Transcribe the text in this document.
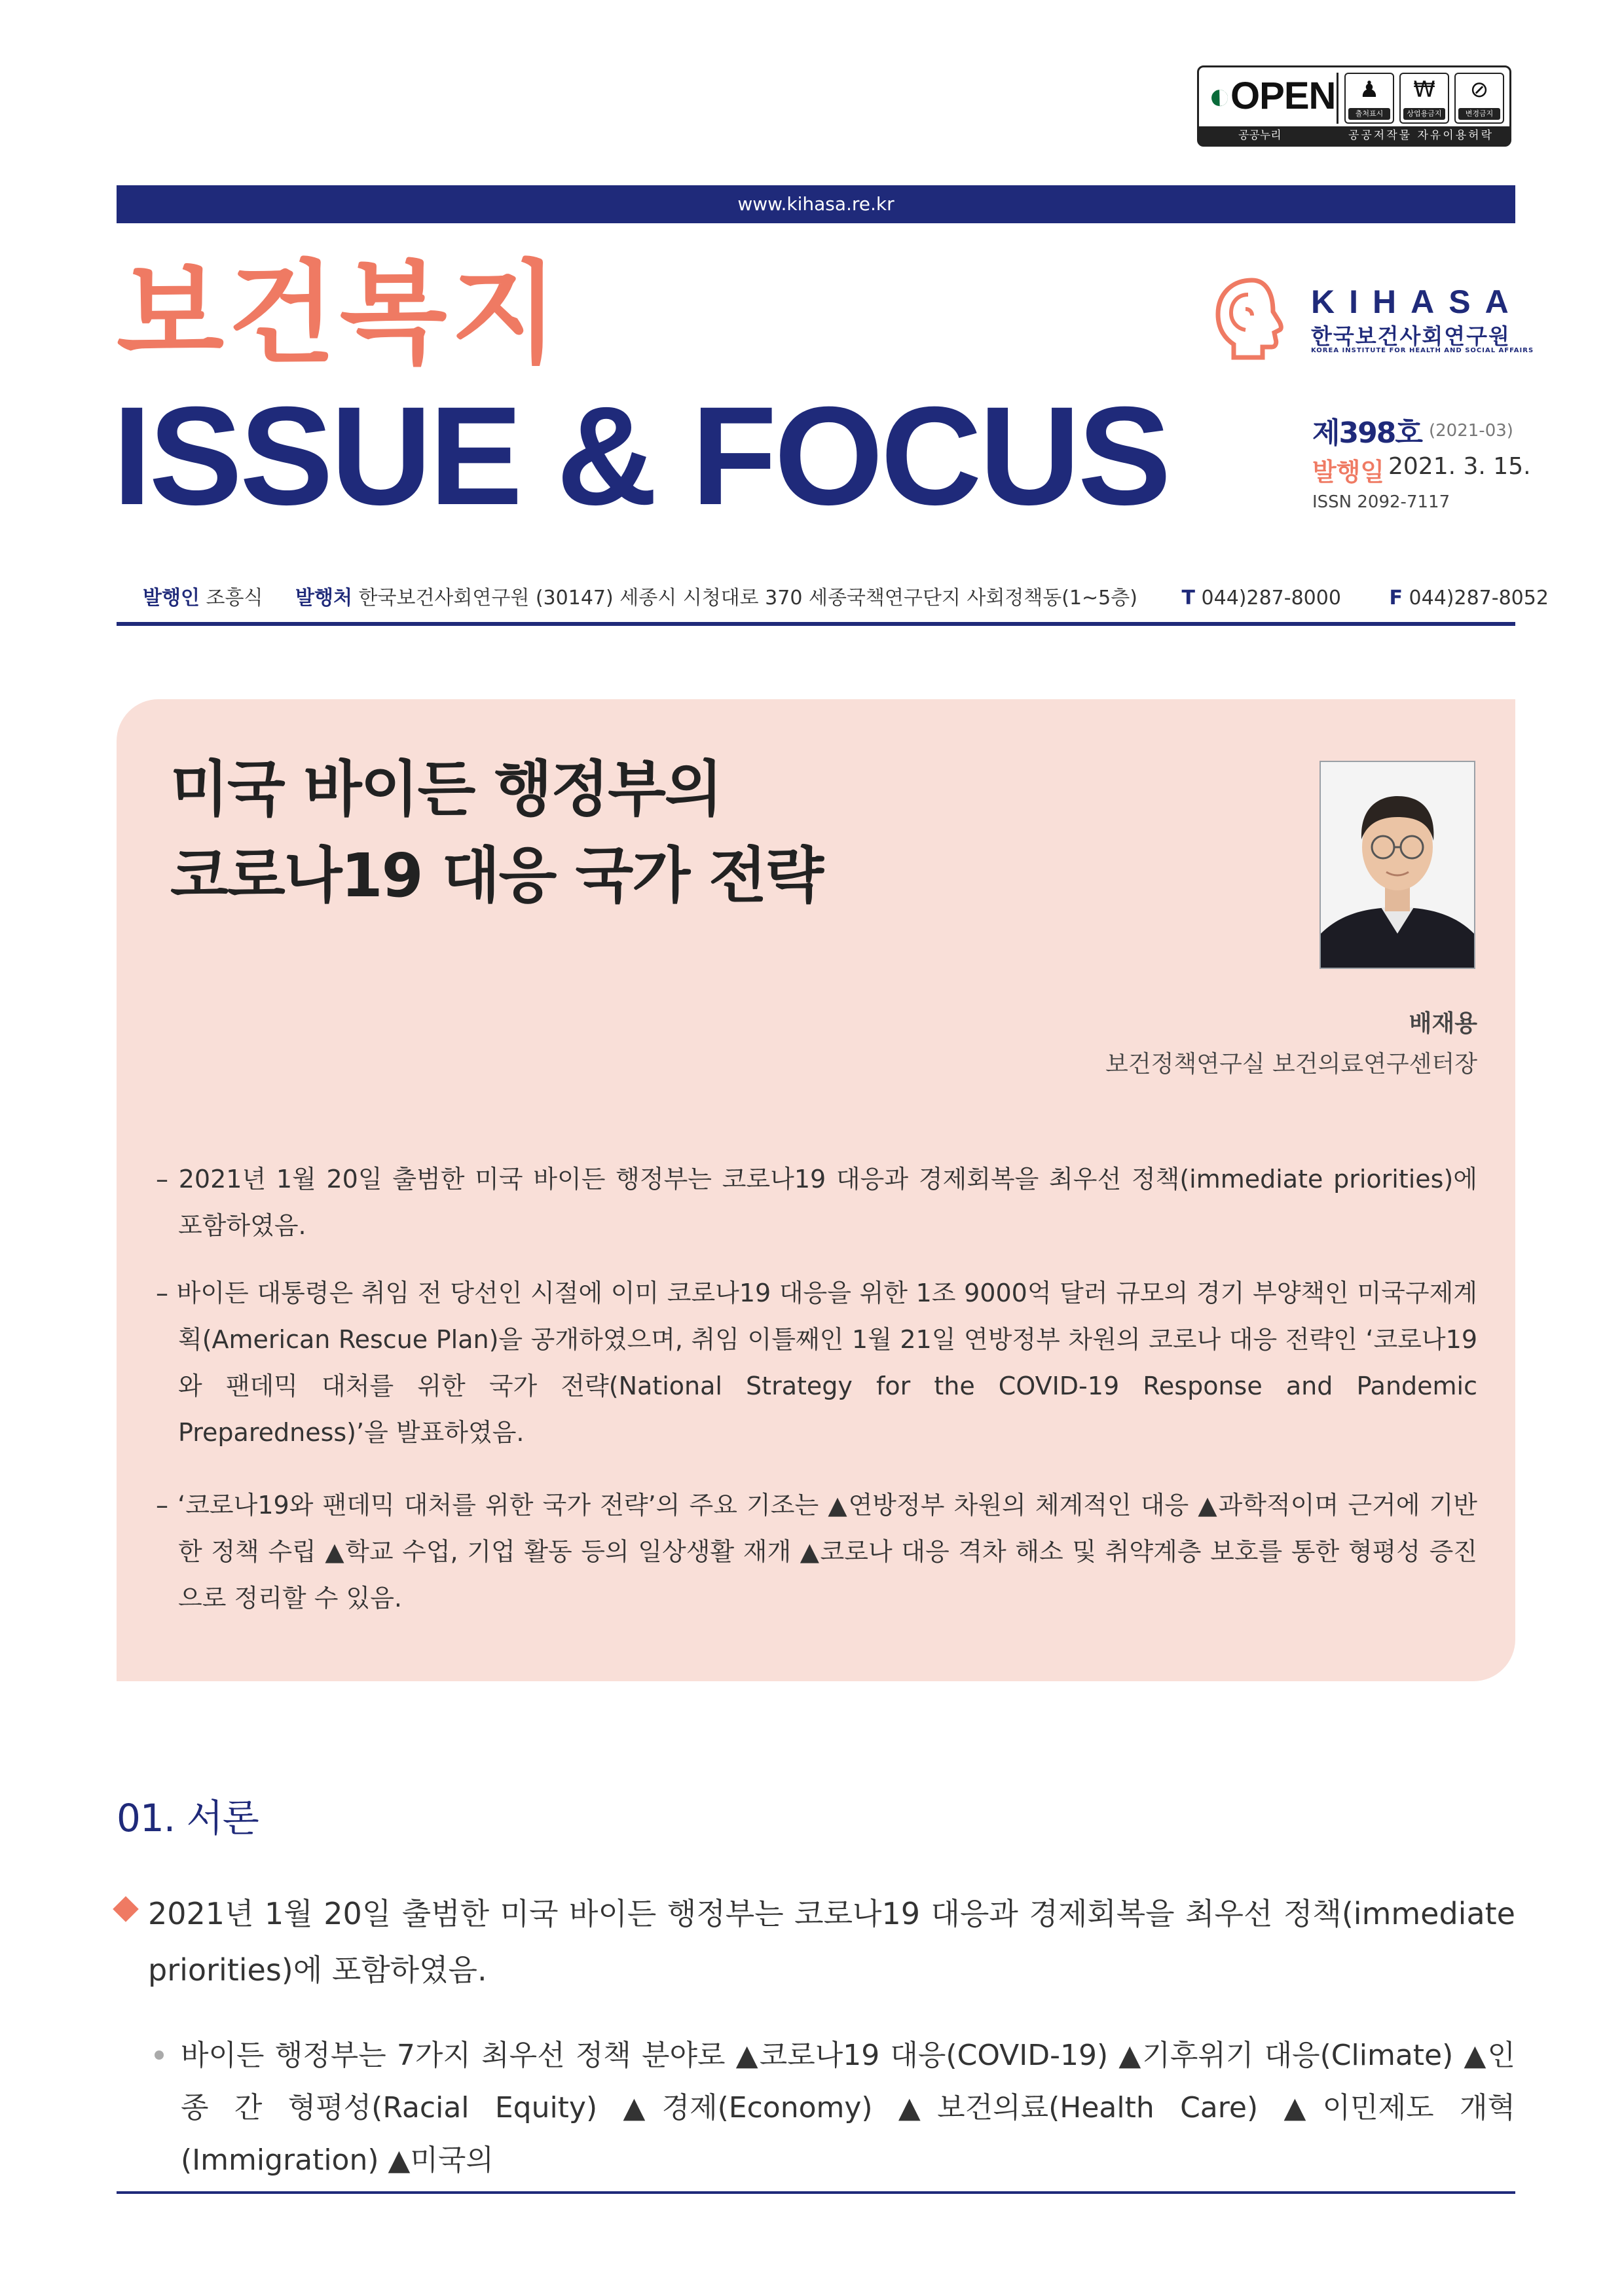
◐OPEN	♟
출처표시
₩
상업용금지
⊘
변경금지
공공누리	공공저작물 자유이용허락
www.kihasa.re.kr
보건복지
ISSUE & FOCUS
KIHASA
한국보건사회연구원
KOREA INSTITUTE FOR HEALTH AND SOCIAL AFFAIRS
제398호 (2021-03)
발행일 2021. 3. 15.
ISSN 2092-7117
발행인 조흥식 발행처 한국보건사회연구원 (30147) 세종시 시청대로 370 세종국책연구단지 사회정책동(1~5층) T 044)287-8000 F 044)287-8052
미국 바이든 행정부의
코로나19 대응 국가 전략
배재용
보건정책연구실 보건의료연구센터장
– 2021년 1월 20일 출범한 미국 바이든 행정부는 코로나19 대응과 경제회복을 최우선 정책(immediate priorities)에 포함하였음.
– 바이든 대통령은 취임 전 당선인 시절에 이미 코로나19 대응을 위한 1조 9000억 달러 규모의 경기 부양책인 미국구제계획(American Rescue Plan)을 공개하였으며, 취임 이틀째인 1월 21일 연방정부 차원의 코로나 대응 전략인 ‘코로나19와 팬데믹 대처를 위한 국가 전략(National Strategy for the COVID-19 Response and Pandemic Preparedness)’을 발표하였음.
– ‘코로나19와 팬데믹 대처를 위한 국가 전략’의 주요 기조는 ▲연방정부 차원의 체계적인 대응 ▲과학적이며 근거에 기반한 정책 수립 ▲학교 수업, 기업 활동 등의 일상생활 재개 ▲코로나 대응 격차 해소 및 취약계층 보호를 통한 형평성 증진으로 정리할 수 있음.
01. 서론
2021년 1월 20일 출범한 미국 바이든 행정부는 코로나19 대응과 경제회복을 최우선 정책(immediate priorities)에 포함하였음.
바이든 행정부는 7가지 최우선 정책 분야로 ▲코로나19 대응(COVID-19) ▲기후위기 대응(Climate) ▲인종 간 형평성(Racial Equity) ▲경제(Economy) ▲보건의료(Health Care) ▲이민제도 개혁(Immigration) ▲미국의
